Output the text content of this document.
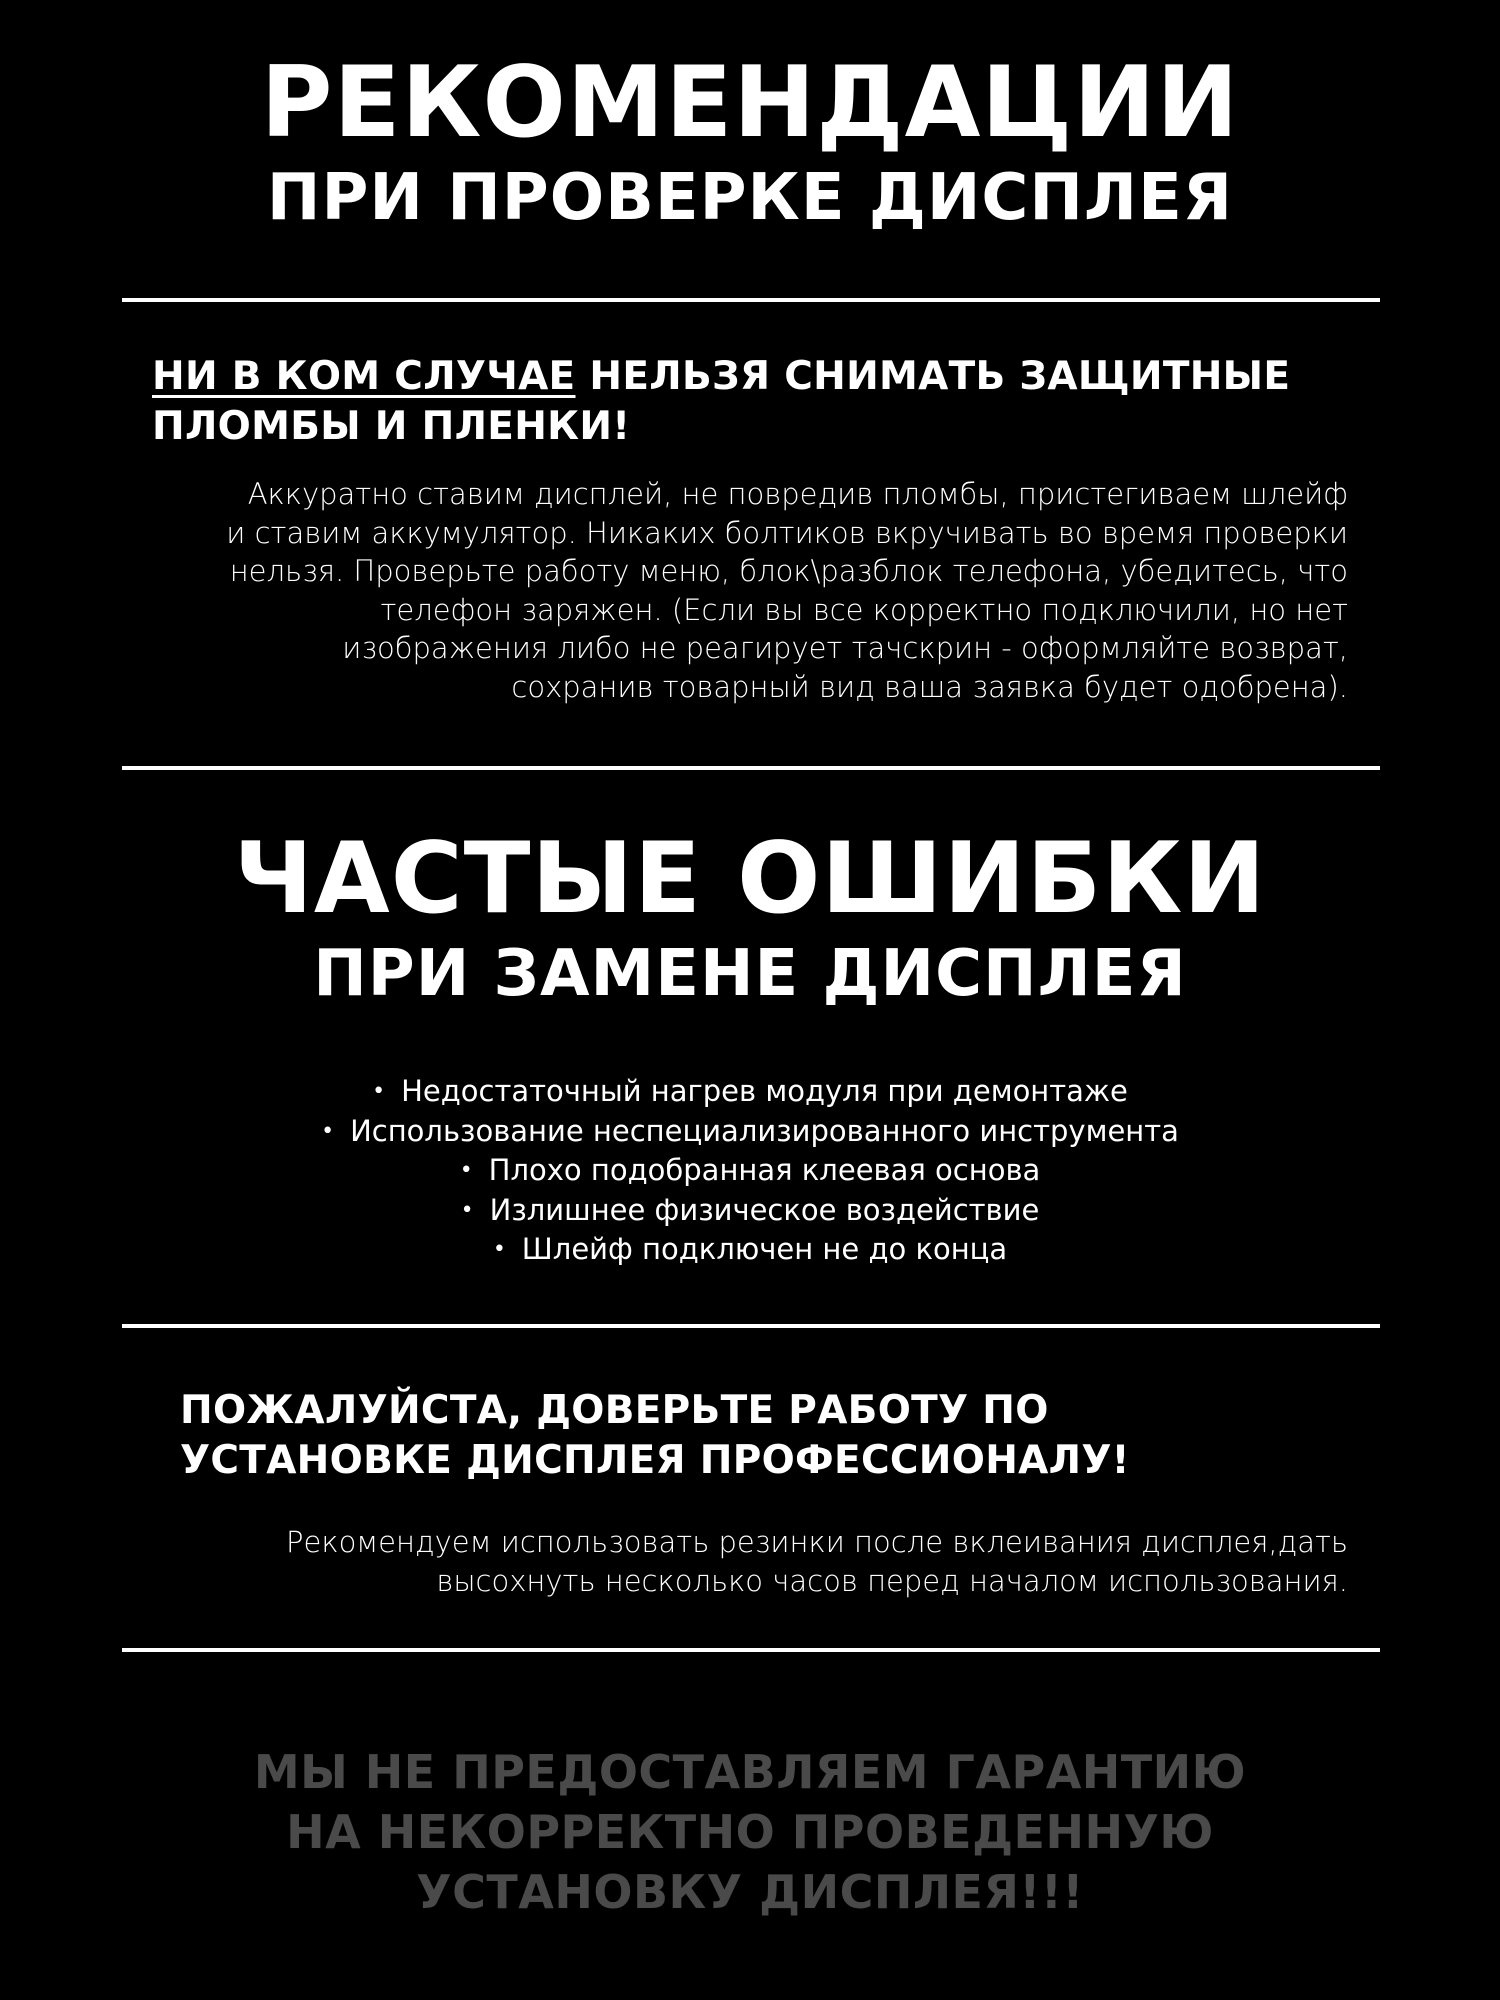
РЕКОМЕНДАЦИИ
ПРИ ПРОВЕРКЕ ДИСПЛЕЯ
НИ В КОМ СЛУЧАЕ НЕЛЬЗЯ СНИМАТЬ ЗАЩИТНЫЕ
ПЛОМБЫ И ПЛЕНКИ!
Аккуратно ставим дисплей, не повредив пломбы, пристегиваем шлейф
и ставим аккумулятор. Никаких болтиков вкручивать во время проверки
нельзя. Проверьте работу меню, блок\разблок телефона, убедитесь, что
телефон заряжен. (Если вы все корректно подключили, но нет
изображения либо не реагирует тачскрин - оформляйте возврат,
сохранив товарный вид ваша заявка будет одобрена).
ЧАСТЫЕ ОШИБКИ
ПРИ ЗАМЕНЕ ДИСПЛЕЯ
• Недостаточный нагрев модуля при демонтаже
• Использование неспециализированного инструмента
• Плохо подобранная клеевая основа
• Излишнее физическое воздействие
• Шлейф подключен не до конца
ПОЖАЛУЙСТА, ДОВЕРЬТЕ РАБОТУ ПО
УСТАНОВКЕ ДИСПЛЕЯ ПРОФЕССИОНАЛУ!
Рекомендуем использовать резинки после вклеивания дисплея,дать
высохнуть несколько часов перед началом использования.
МЫ НЕ ПРЕДОСТАВЛЯЕМ ГАРАНТИЮ
НА НЕКОРРЕКТНО ПРОВЕДЕННУЮ
УСТАНОВКУ ДИСПЛЕЯ!!!
